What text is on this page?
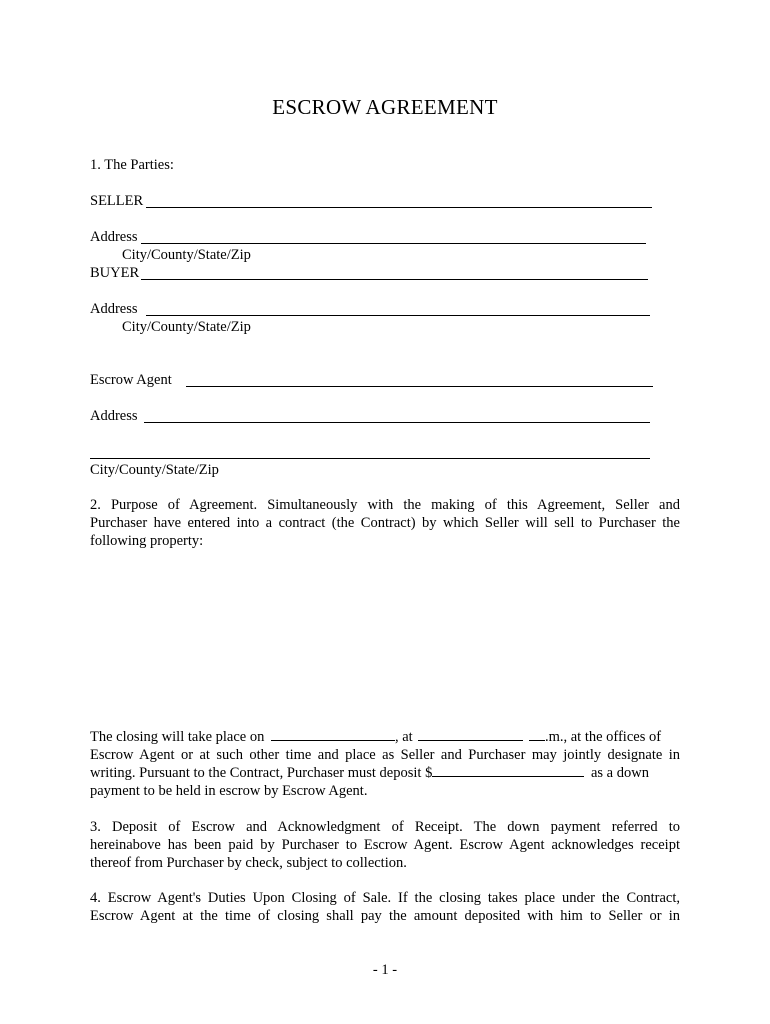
ESCROW AGREEMENT
1. The Parties:
SELLER
Address
City/County/State/Zip
BUYER
Address
City/County/State/Zip
Escrow Agent
Address
City/County/State/Zip
2. Purpose of Agreement. Simultaneously with the making of this Agreement, Seller and
Purchaser have entered into a contract (the Contract) by which Seller will sell to Purchaser the
following property:
The closing will take place on	, at	.m., at the offices of
Escrow Agent or at such other time and place as Seller and Purchaser may jointly designate in
writing. Pursuant to the Contract, Purchaser must deposit $	as a down
payment to be held in escrow by Escrow Agent.
3. Deposit of Escrow and Acknowledgment of Receipt. The down payment referred to
hereinabove has been paid by Purchaser to Escrow Agent. Escrow Agent acknowledges receipt
thereof from Purchaser by check, subject to collection.
4. Escrow Agent's Duties Upon Closing of Sale. If the closing takes place under the Contract,
Escrow Agent at the time of closing shall pay the amount deposited with him to Seller or in
- 1 -
